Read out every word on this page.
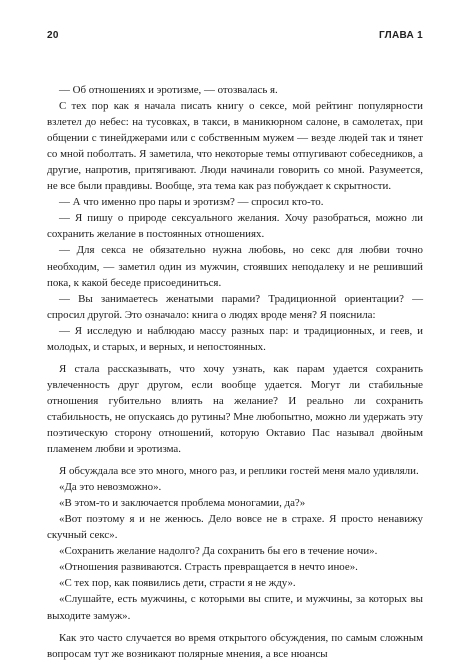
20	ГЛАВА 1

— Об отношениях и эротизме, — отозвалась я.

С тех пор как я начала писать книгу о сексе, мой рейтинг популярности взлетел до небес: на тусовках, в такси, в маникюрном салоне, в самолетах, при общении с тинейджерами или с собственным мужем — везде людей так и тянет со мной поболтать. Я заметила, что некоторые темы отпугивают собеседников, а другие, напротив, притягивают. Люди начинали говорить со мной. Разумеется, не все были правдивы. Вообще, эта тема как раз побуждает к скрытности.

— А что именно про пары и эротизм? — спросил кто-то.

— Я пишу о природе сексуального желания. Хочу разобраться, можно ли сохранить желание в постоянных отношениях.

— Для секса не обязательно нужна любовь, но секс для любви точно необходим, — заметил один из мужчин, стоявших неподалеку и не решивший пока, к какой беседе присоединиться.

— Вы занимаетесь женатыми парами? Традиционной ориентации? — спросил другой. Это означало: книга о людях вроде меня? Я пояснила:

— Я исследую и наблюдаю массу разных пар: и традиционных, и геев, и молодых, и старых, и верных, и непостоянных.

Я стала рассказывать, что хочу узнать, как парам удается сохранить увлеченность друг другом, если вообще удается. Могут ли стабильные отношения губительно влиять на желание? И реально ли сохранить стабильность, не опускаясь до рутины? Мне любопытно, можно ли удержать эту поэтическую сторону отношений, которую Октавио Пас называл двойным пламенем любви и эротизма.

Я обсуждала все это много, много раз, и реплики гостей меня мало удивляли.

«Да это невозможно».

«В этом-то и заключается проблема моногамии, да?»

«Вот поэтому я и не женюсь. Дело вовсе не в страхе. Я просто ненавижу скучный секс».

«Сохранить желание надолго? Да сохранить бы его в течение ночи».

«Отношения развиваются. Страсть превращается в нечто иное».

«С тех пор, как появились дети, страсти я не жду».

«Слушайте, есть мужчины, с которыми вы спите, и мужчины, за которых вы выходите замуж».

Как это часто случается во время открытого обсуждения, по самым сложным вопросам тут же возникают полярные мнения, а все нюансы
